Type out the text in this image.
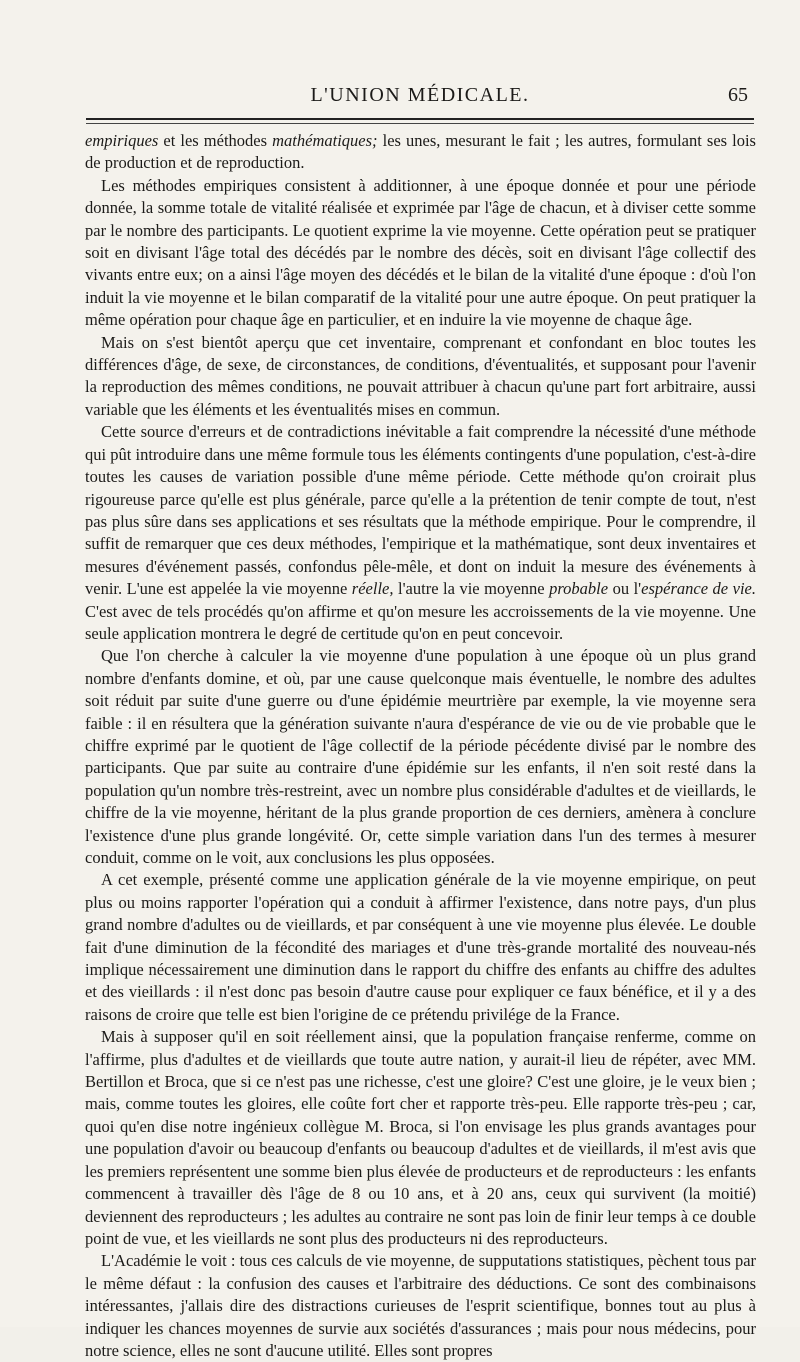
L'UNION MÉDICALE.	65

empiriques et les méthodes mathématiques; les unes, mesurant le fait ; les autres, formulant ses lois de production et de reproduction.

Les méthodes empiriques consistent à additionner, à une époque donnée et pour une période donnée, la somme totale de vitalité réalisée et exprimée par l'âge de chacun, et à diviser cette somme par le nombre des participants. Le quotient exprime la vie moyenne. Cette opération peut se pratiquer soit en divisant l'âge total des décédés par le nombre des décès, soit en divisant l'âge collectif des vivants entre eux; on a ainsi l'âge moyen des décédés et le bilan de la vitalité d'une époque : d'où l'on induit la vie moyenne et le bilan comparatif de la vitalité pour une autre époque. On peut pratiquer la même opération pour chaque âge en particulier, et en induire la vie moyenne de chaque âge.

Mais on s'est bientôt aperçu que cet inventaire, comprenant et confondant en bloc toutes les différences d'âge, de sexe, de circonstances, de conditions, d'éventualités, et supposant pour l'avenir la reproduction des mêmes conditions, ne pouvait attribuer à chacun qu'une part fort arbitraire, aussi variable que les éléments et les éventualités mises en commun.

Cette source d'erreurs et de contradictions inévitable a fait comprendre la nécessité d'une méthode qui pût introduire dans une même formule tous les éléments contingents d'une population, c'est-à-dire toutes les causes de variation possible d'une même période. Cette méthode qu'on croirait plus rigoureuse parce qu'elle est plus générale, parce qu'elle a la prétention de tenir compte de tout, n'est pas plus sûre dans ses applications et ses résultats que la méthode empirique. Pour le comprendre, il suffit de remarquer que ces deux méthodes, l'empirique et la mathématique, sont deux inventaires et mesures d'événement passés, confondus pêle-mêle, et dont on induit la mesure des événements à venir. L'une est appelée la vie moyenne réelle, l'autre la vie moyenne probable ou l'espérance de vie. C'est avec de tels procédés qu'on affirme et qu'on mesure les accroissements de la vie moyenne. Une seule application montrera le degré de certitude qu'on en peut concevoir.

Que l'on cherche à calculer la vie moyenne d'une population à une époque où un plus grand nombre d'enfants domine, et où, par une cause quelconque mais éventuelle, le nombre des adultes soit réduit par suite d'une guerre ou d'une épidémie meurtrière par exemple, la vie moyenne sera faible : il en résultera que la génération suivante n'aura d'espérance de vie ou de vie probable que le chiffre exprimé par le quotient de l'âge collectif de la période pécédente divisé par le nombre des participants. Que par suite au contraire d'une épidémie sur les enfants, il n'en soit resté dans la population qu'un nombre très-restreint, avec un nombre plus considérable d'adultes et de vieillards, le chiffre de la vie moyenne, héritant de la plus grande proportion de ces derniers, amènera à conclure l'existence d'une plus grande longévité. Or, cette simple variation dans l'un des termes à mesurer conduit, comme on le voit, aux conclusions les plus opposées.

A cet exemple, présenté comme une application générale de la vie moyenne empirique, on peut plus ou moins rapporter l'opération qui a conduit à affirmer l'existence, dans notre pays, d'un plus grand nombre d'adultes ou de vieillards, et par conséquent à une vie moyenne plus élevée. Le double fait d'une diminution de la fécondité des mariages et d'une très-grande mortalité des nouveau-nés implique nécessairement une diminution dans le rapport du chiffre des enfants au chiffre des adultes et des vieillards : il n'est donc pas besoin d'autre cause pour expliquer ce faux bénéfice, et il y a des raisons de croire que telle est bien l'origine de ce prétendu privilége de la France.

Mais à supposer qu'il en soit réellement ainsi, que la population française renferme, comme on l'affirme, plus d'adultes et de vieillards que toute autre nation, y aurait-il lieu de répéter, avec MM. Bertillon et Broca, que si ce n'est pas une richesse, c'est une gloire? C'est une gloire, je le veux bien ; mais, comme toutes les gloires, elle coûte fort cher et rapporte très-peu. Elle rapporte très-peu ; car, quoi qu'en dise notre ingénieux collègue M. Broca, si l'on envisage les plus grands avantages pour une population d'avoir ou beaucoup d'enfants ou beaucoup d'adultes et de vieillards, il m'est avis que les premiers représentent une somme bien plus élevée de producteurs et de reproducteurs : les enfants commencent à travailler dès l'âge de 8 ou 10 ans, et à 20 ans, ceux qui survivent (la moitié) deviennent des reproducteurs ; les adultes au contraire ne sont pas loin de finir leur temps à ce double point de vue, et les vieillards ne sont plus des producteurs ni des reproducteurs.

L'Académie le voit : tous ces calculs de vie moyenne, de supputations statistiques, pèchent tous par le même défaut : la confusion des causes et l'arbitraire des déductions. Ce sont des combinaisons intéressantes, j'allais dire des distractions curieuses de l'esprit scientifique, bonnes tout au plus à indiquer les chances moyennes de survie aux sociétés d'assurances ; mais pour nous médecins, pour notre science, elles ne sont d'aucune utilité. Elles sont propres
